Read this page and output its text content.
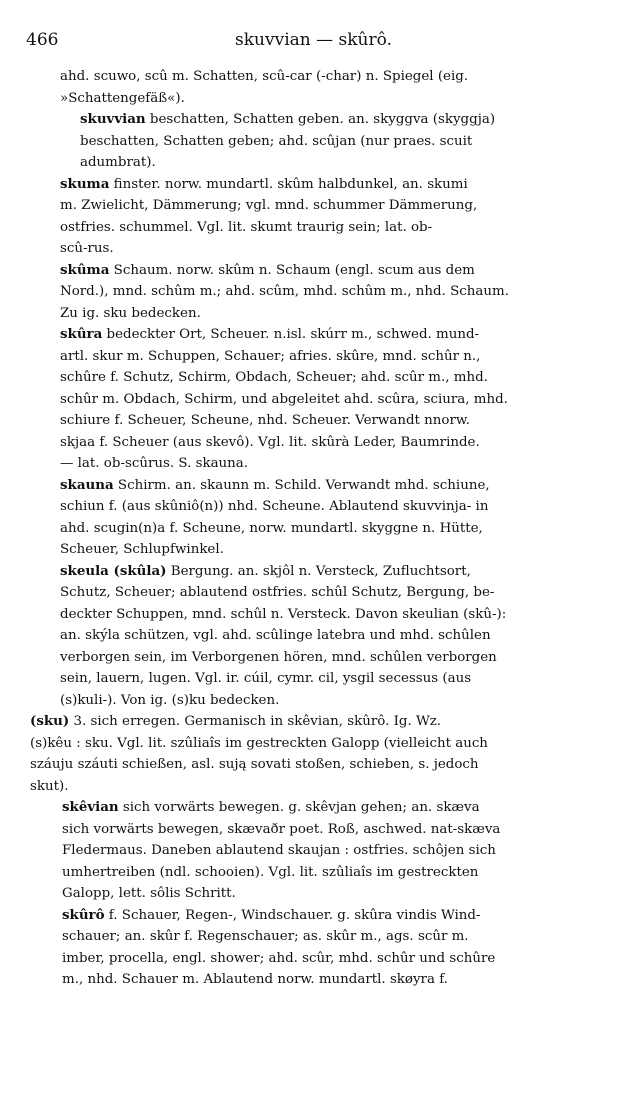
466	skuvvian — skûrô.
ahd. scuwo, scû m. Schatten, scû-car (-char) n. Spiegel (eig.
»Schattengefäß«).
skuvvian beschatten, Schatten geben. an. skyggva (skyggja)
beschatten, Schatten geben; ahd. scûjan (nur praes. scuit
adumbrat).
skuma finster. norw. mundartl. skûm halbdunkel, an. skumi
m. Zwielicht, Dämmerung; vgl. mnd. schummer Dämmerung,
ostfries. schummel. Vgl. lit. skumt traurig sein; lat. ob-
scû-rus.
skûma Schaum. norw. skûm n. Schaum (engl. scum aus dem
Nord.), mnd. schûm m.; ahd. scûm, mhd. schûm m., nhd. Schaum.
Zu ig. sku bedecken.
skûra bedeckter Ort, Scheuer. n.isl. skúrr m., schwed. mund-
artl. skur m. Schuppen, Schauer; afries. skûre, mnd. schûr n.,
schûre f. Schutz, Schirm, Obdach, Scheuer; ahd. scûr m., mhd.
schûr m. Obdach, Schirm, und abgeleitet ahd. scûra, sciura, mhd.
schiure f. Scheuer, Scheune, nhd. Scheuer. Verwandt nnorw.
skjaa f. Scheuer (aus skevô). Vgl. lit. skûrà Leder, Baumrinde.
— lat. ob-scûrus. S. skauna.
skauna Schirm. an. skaunn m. Schild. Verwandt mhd. schiune,
schiun f. (aus skûniô(n)) nhd. Scheune. Ablautend skuvvinja- in
ahd. scugin(n)a f. Scheune, norw. mundartl. skyggne n. Hütte,
Scheuer, Schlupfwinkel.
skeula (skûla) Bergung. an. skjôl n. Versteck, Zufluchtsort,
Schutz, Scheuer; ablautend ostfries. schûl Schutz, Bergung, be-
deckter Schuppen, mnd. schûl n. Versteck. Davon skeulian (skû-):
an. skýla schützen, vgl. ahd. scûlinge latebra und mhd. schûlen
verborgen sein, im Verborgenen hören, mnd. schûlen verborgen
sein, lauern, lugen. Vgl. ir. cúil, cymr. cil, ysgil secessus (aus
(s)kuli-). Von ig. (s)ku bedecken.
(sku) 3. sich erregen. Germanisch in skêvian, skûrô. Ig. Wz.
(s)kêu : sku. Vgl. lit. szûliaîs im gestreckten Galopp (vielleicht auch
száuju száuti schießen, asl. sują sovati stoßen, schieben, s. jedoch
skut).
skêvian sich vorwärts bewegen. g. skêvjan gehen; an. skæva
sich vorwärts bewegen, skævaðr poet. Roß, aschwed. nat-skæva
Fledermaus. Daneben ablautend skaujan : ostfries. schôjen sich
umhertreiben (ndl. schooien). Vgl. lit. szûliaîs im gestreckten
Galopp, lett. sôlis Schritt.
skûrô f. Schauer, Regen-, Windschauer. g. skûra vindis Wind-
schauer; an. skûr f. Regenschauer; as. skûr m., ags. scûr m.
imber, procella, engl. shower; ahd. scûr, mhd. schûr und schûre
m., nhd. Schauer m. Ablautend norw. mundartl. skøyra f.
